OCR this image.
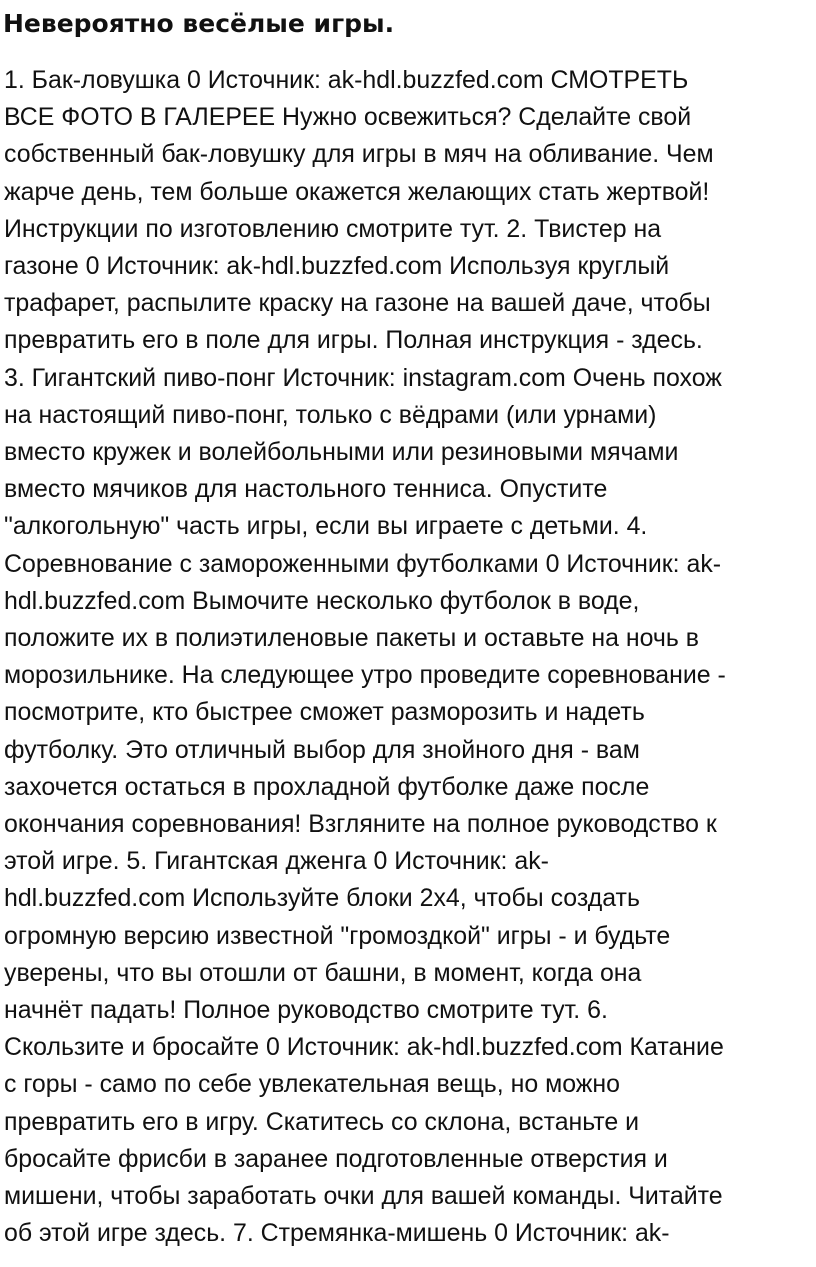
Невероятно весёлые игры.
1. Бак-ловушка 0 Источник: ak-hdl.buzzfed.com СМОТРЕТЬ
ВСЕ ФОТО В ГАЛЕРЕЕ Нужно освежиться? Сделайте свой
собственный бак-ловушку для игры в мяч на обливание. Чем
жарче день, тем больше окажется желающих стать жертвой!
Инструкции по изготовлению смотрите тут. 2. Твистер на
газоне 0 Источник: ak-hdl.buzzfed.com Используя круглый
трафарет, распылите краску на газоне на вашей даче, чтобы
превратить его в поле для игры. Полная инструкция - здесь.
3. Гигантский пиво-понг Источник: instagram.com Очень похож
на настоящий пиво-понг, только с вёдрами (или урнами)
вместо кружек и волейбольными или резиновыми мячами
вместо мячиков для настольного тенниса. Опустите
"алкогольную" часть игры, если вы играете с детьми. 4.
Соревнование с замороженными футболками 0 Источник: ak-
hdl.buzzfed.com Вымочите несколько футболок в воде,
положите их в полиэтиленовые пакеты и оставьте на ночь в
морозильнике. На следующее утро проведите соревнование -
посмотрите, кто быстрее сможет разморозить и надеть
футболку. Это отличный выбор для знойного дня - вам
захочется остаться в прохладной футболке даже после
окончания соревнования! Взгляните на полное руководство к
этой игре. 5. Гигантская дженга 0 Источник: ak-
hdl.buzzfed.com Используйте блоки 2х4, чтобы создать
огромную версию известной "громоздкой" игры - и будьте
уверены, что вы отошли от башни, в момент, когда она
начнёт падать! Полное руководство смотрите тут. 6.
Скользите и бросайте 0 Источник: ak-hdl.buzzfed.com Катание
с горы - само по себе увлекательная вещь, но можно
превратить его в игру. Скатитесь со склона, встаньте и
бросайте фрисби в заранее подготовленные отверстия и
мишени, чтобы заработать очки для вашей команды. Читайте
об этой игре здесь. 7. Стремянка-мишень 0 Источник: ak-
